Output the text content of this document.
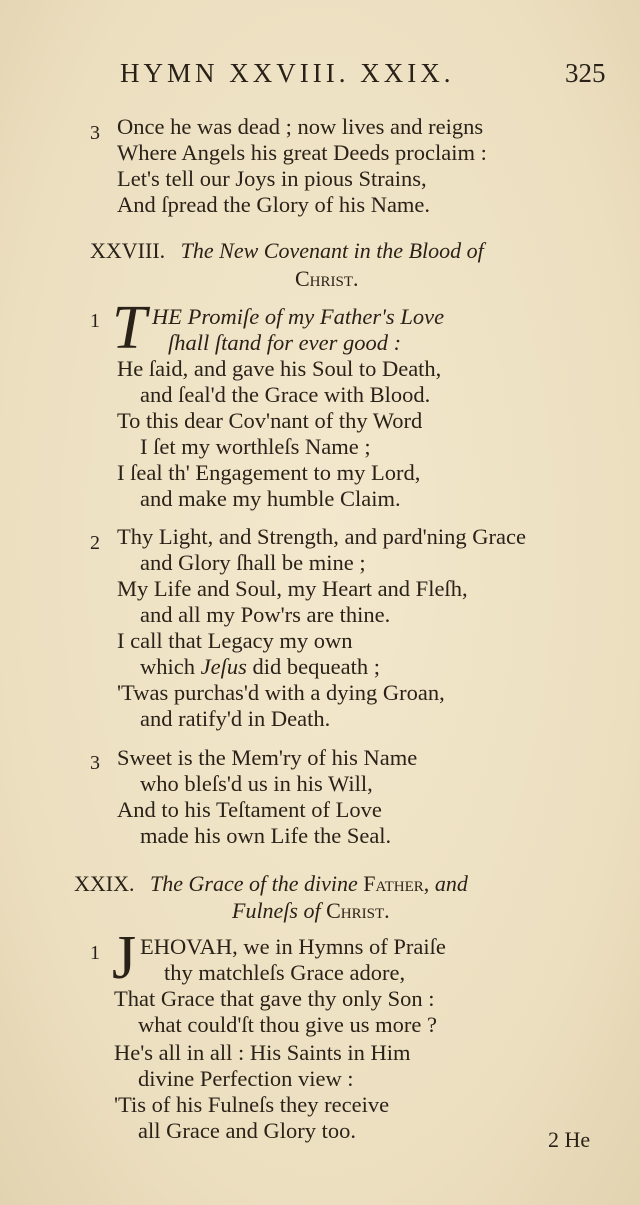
HYMN XXVIII. XXIX.	325
3 Once he was dead ; now lives and reigns
Where Angels his great Deeds proclaim :
Let's tell our Joys in pious Strains,
And ſpread the Glory of his Name.
XXVIII. The New Covenant in the Blood of
Christ.
1 T HE Promiſe of my Father's Love
ſhall ſtand for ever good :
He ſaid, and gave his Soul to Death,
and ſeal'd the Grace with Blood.
To this dear Cov'nant of thy Word
I ſet my worthleſs Name ;
I ſeal th' Engagement to my Lord,
and make my humble Claim.
2 Thy Light, and Strength, and pard'ning Grace
and Glory ſhall be mine ;
My Life and Soul, my Heart and Fleſh,
and all my Pow'rs are thine.
I call that Legacy my own
which Jeſus did bequeath ;
'Twas purchas'd with a dying Groan,
and ratify'd in Death.
3 Sweet is the Mem'ry of his Name
who bleſs'd us in his Will,
And to his Teſtament of Love
made his own Life the Seal.
XXIX. The Grace of the divine Father, and
Fulneſs of Christ.
1 J EHOVAH, we in Hymns of Praiſe
thy matchleſs Grace adore,
That Grace that gave thy only Son :
what could'ſt thou give us more ?
He's all in all : His Saints in Him
divine Perfection view :
'Tis of his Fulneſs they receive
all Grace and Glory too.	2 He
